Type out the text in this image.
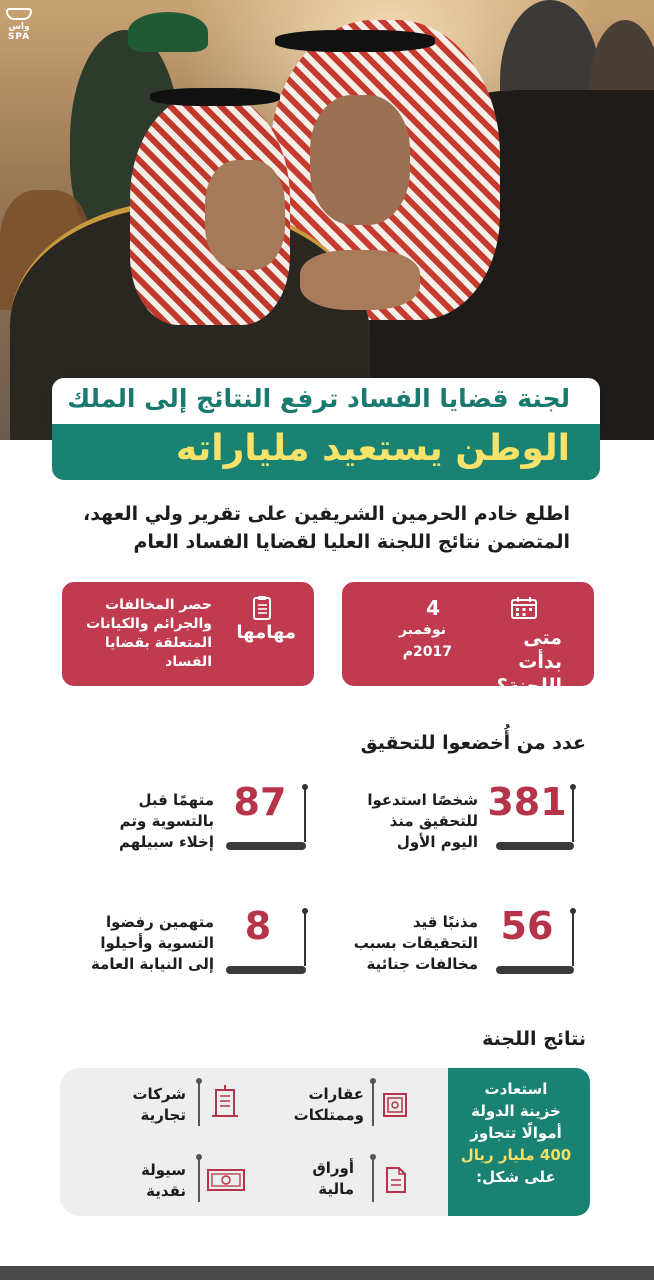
واس
SPA
لجنة قضايا الفساد ترفع النتائج إلى الملك
الوطن يستعيد ملياراته
اطلع خادم الحرمين الشريفين على تقرير ولي العهد،
المتضمن نتائج اللجنة العليا لقضايا الفساد العام
متى بدأت
اللجنة؟
4
نوفمبر
2017م
مهامها
حصر المخالفات
والجرائم والكيانات
المتعلقة بقضايا
الفساد
عدد من أُخضعوا للتحقيق
381
شخصًا استدعوا
للتحقيق منذ
اليوم الأول
87
متهمًا قبل
بالتسوية وتم
إخلاء سبيلهم
56
مذنبًا قيد
التحقيقات بسبب
مخالفات جنائية
8
متهمين رفضوا
التسوية وأحيلوا
إلى النيابة العامة
نتائج اللجنة
استعادت
خزينة الدولة
أموالًا تتجاوز
400 مليار ريال
على شكل:
عقارات
وممتلكات
شركات
تجارية
أوراق
مالية
سيولة
نقدية
